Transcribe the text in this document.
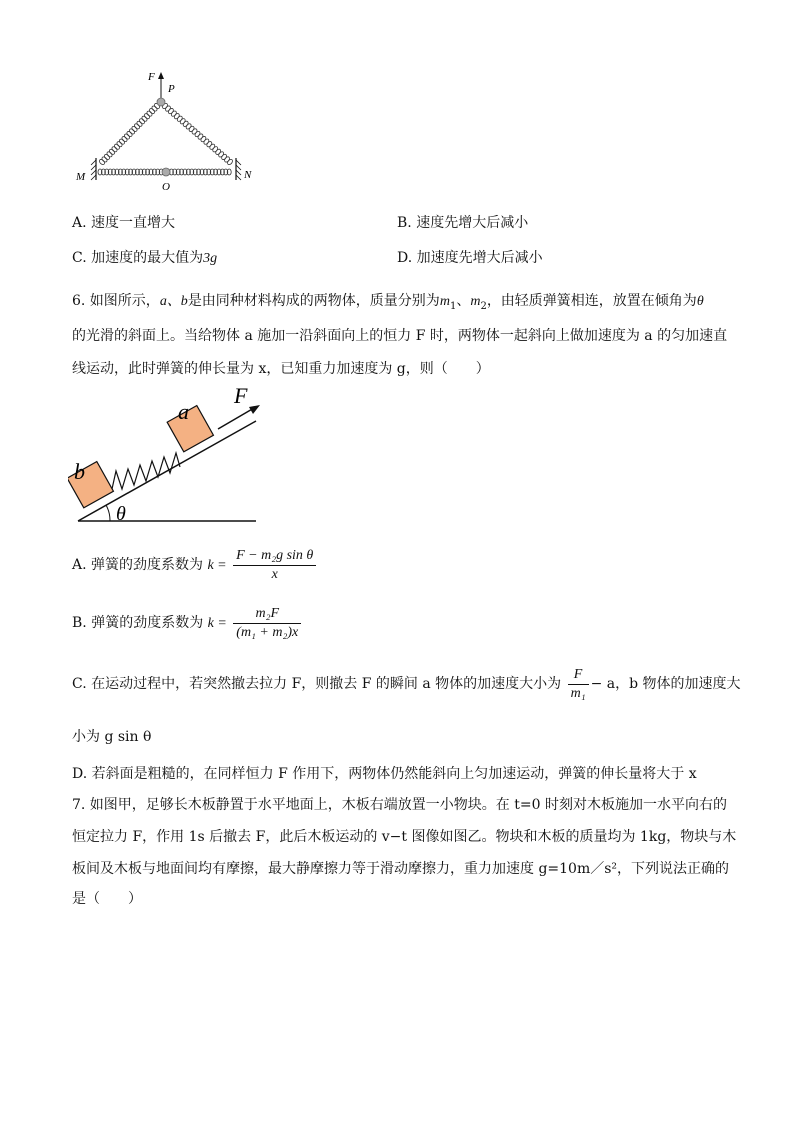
F
P
M	N
O
A. 速度一直增大	B. 速度先增大后减小
C. 加速度的最大值为3g	D. 加速度先增大后减小
6. 如图所示，a、b是由同种材料构成的两物体，质量分别为$m_1$、$m_2$，由轻质弹簧相连，放置在倾角为θ
的光滑的斜面上。当给物体 a 施加一沿斜面向上的恒力 F 时，两物体一起斜向上做加速度为 a 的匀加速直
线运动，此时弹簧的伸长量为 x，已知重力加速度为 g，则（　　）
a
F
b
θ
A. 弹簧的劲度系数为 $k = \frac{\text{F − m₂g sin θ}}{x}$
B. 弹簧的劲度系数为 $k = \frac{\text{m₂F}}{\text{(m₁ + m₂)x}}$
C. 在运动过程中，若突然撤去拉力 F，则撤去 F 的瞬间 a 物体的加速度大小为 $\frac{F}{\text{m₁}} - a$，b 物体的加速度大
小为 g sin θ
D. 若斜面是粗糙的，在同样恒力 F 作用下，两物体仍然能斜向上匀加速运动，弹簧的伸长量将大于 x
7. 如图甲，足够长木板静置于水平地面上，木板右端放置一小物块。在 t=0 时刻对木板施加一水平向右的
恒定拉力 F，作用 1s 后撤去 F，此后木板运动的 v−t 图像如图乙。物块和木板的质量均为 1kg，物块与木
板间及木板与地面间均有摩擦，最大静摩擦力等于滑动摩擦力，重力加速度 g=10m／s²，下列说法正确的
是（　　）
